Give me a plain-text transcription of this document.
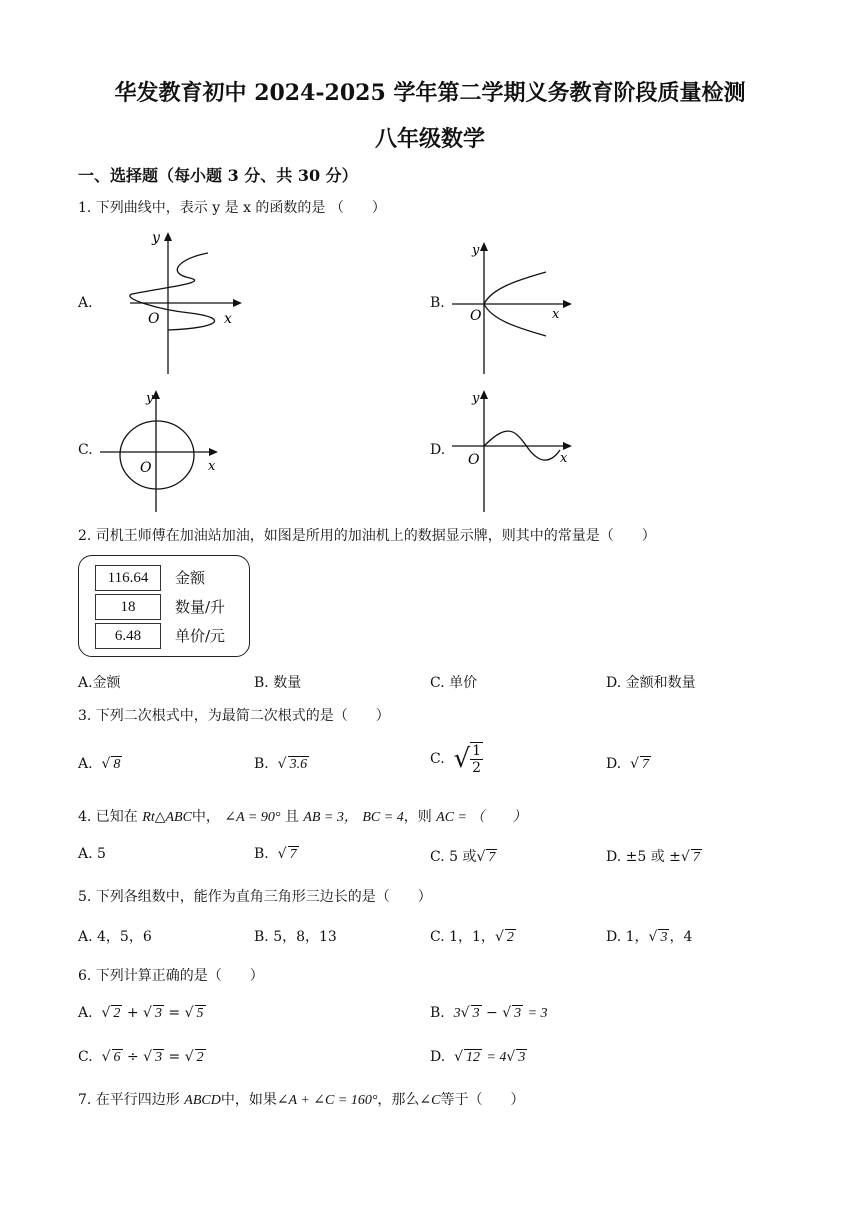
华发教育初中 2024-2025 学年第二学期义务教育阶段质量检测
八年级数学
一、选择题（每小题 3 分、共 30 分）
1. 下列曲线中，表示 y 是 x 的函数的是 （　　）
A.
y
O	x
B.
y
O	x
C.
y
O	x
D.
y
O	x
2. 司机王师傅在加油站加油，如图是所用的加油机上的数据显示牌，则其中的常量是（　　）
116.64	金额
18	数量/升
6.48	单价/元
A.金额	B. 数量	C. 单价	D. 金额和数量
3. 下列二次根式中，为最简二次根式的是（　　）
A. √ 8	B. √ 3.6	C. √ $\frac{1}{2}$	D. √ 7
4. 已知在 Rt△ABC中， ∠A = 90° 且 AB = 3， BC = 4，则 AC = （　　）
A. 5	B. √ 7	C. 5 或√ 7	D. ±5 或 ±√ 7
5. 下列各组数中，能作为直角三角形三边长的是（　　）
A. 4，5，6	B. 5，8，13	C. 1，1，√ 2	D. 1，√ 3 ，4
6. 下列计算正确的是（　　）
A. √ 2 + √ 3 = √ 5	B. 3√ 3 − √ 3 = 3
C. √ 6 ÷ √ 3 = √ 2	D. √ 12 = 4√ 3
7. 在平行四边形 ABCD中，如果∠A + ∠C = 160°，那么∠C等于（　　）
